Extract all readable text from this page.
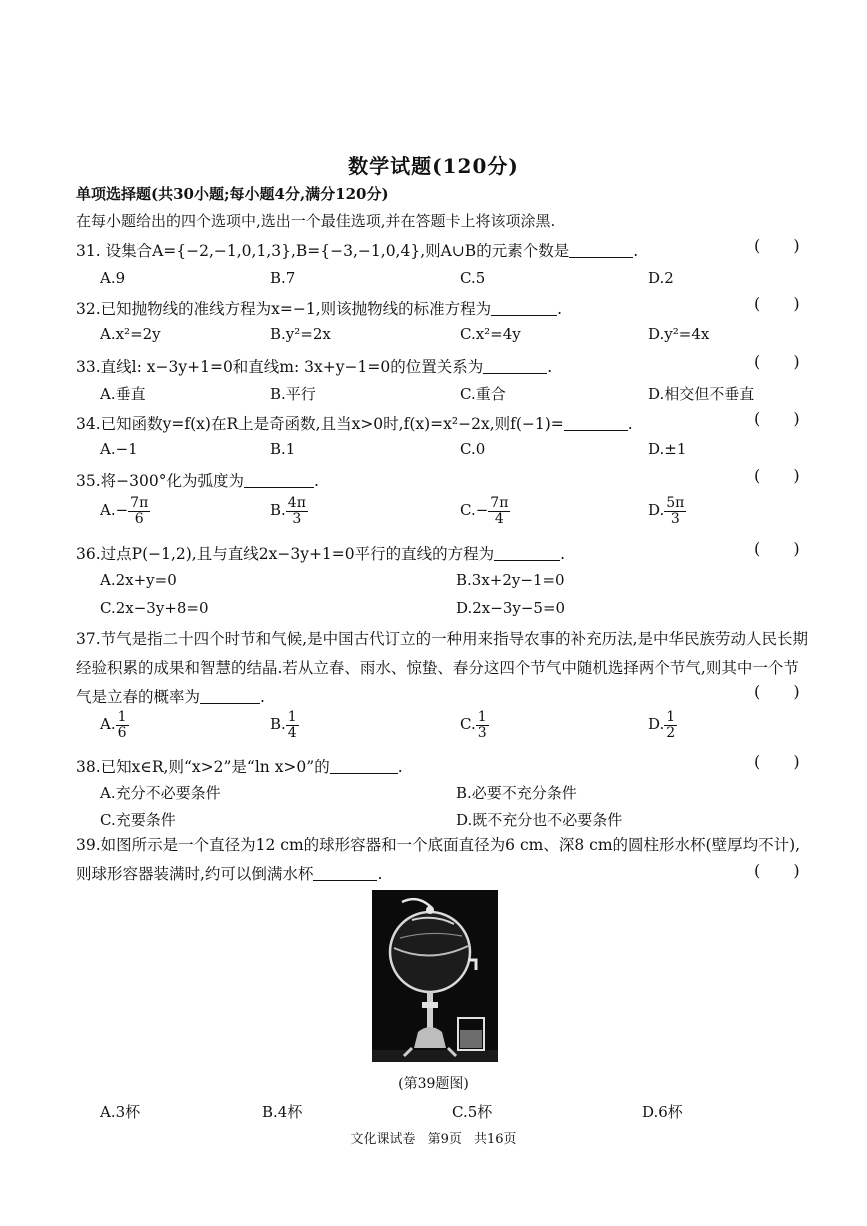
数学试题(120分)
单项选择题(共30小题;每小题4分,满分120分)
在每小题给出的四个选项中,选出一个最佳选项,并在答题卡上将该项涂黑.
31. 设集合A={−2,−1,0,1,3},B={−3,−1,0,4},则A∪B的元素个数是	.	( )
A.9	B.7	C.5	D.2
32.已知抛物线的准线方程为x=−1,则该抛物线的标准方程为	.	( )
A.x²=2y	B.y²=2x	C.x²=4y	D.y²=4x
33.直线l: x−3y+1=0和直线m: 3x+y−1=0的位置关系为	.	( )
A.垂直	B.平行	C.重合	D.相交但不垂直
34.已知函数y=f(x)在R上是奇函数,且当x>0时,f(x)=x²−2x,则f(−1)=	.	( )
A.−1	B.1	C.0	D.±1
35.将−300°化为弧度为	.	( )
$A.- \frac{7\pi}{6}$	B. $\frac{4\pi}{3}$	$C.- \frac{7\pi}{4}$	D. $\frac{5\pi}{3}$
36.过点P(−1,2),且与直线2x−3y+1=0平行的直线的方程为	.	( )
A.2x+y=0	B.3x+2y−1=0
C.2x−3y+8=0	D.2x−3y−5=0
37.节气是指二十四个时节和气候,是中国古代订立的一种用来指导农事的补充历法,是中华民族劳动人民长期经验积累的成果和智慧的结晶.若从立春、雨水、惊蛰、春分这四个节气中随机选择两个节气,则其中一个节气是立春的概率为	.	( )
A. $\frac{1}{6}$	B. $\frac{1}{4}$	C. $\frac{1}{3}$	D. $\frac{1}{2}$
38.已知x∈R,则“x>2”是“ln x>0”的	.	( )
A.充分不必要条件	B.必要不充分条件
C.充要条件	D.既不充分也不必要条件
39.如图所示是一个直径为12 cm的球形容器和一个底面直径为6 cm、深8 cm的圆柱形水杯(壁厚均不计),则球形容器装满时,约可以倒满水杯	.	( )
(第39题图)
A.3杯	B.4杯	C.5杯	D.6杯
文化课试卷 第9页 共16页
